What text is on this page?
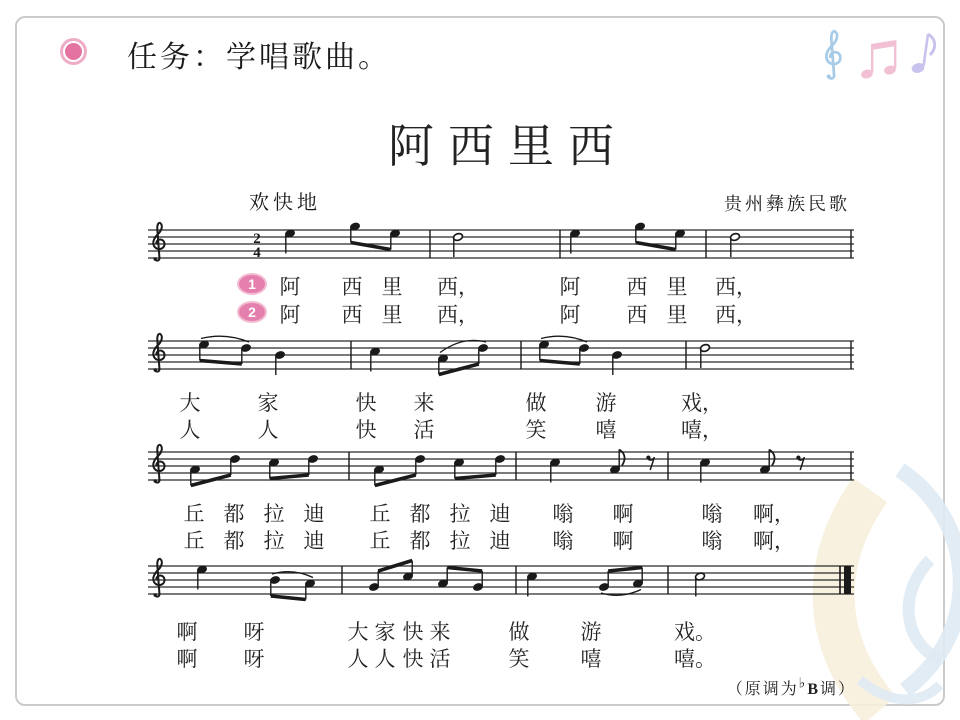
任务：学唱歌曲。
阿西里西
欢快地	贵州彝族民歌
2
4
阿 西 里 西，	阿 西 里 西，
阿 西 里 西，	阿 西 里 西，
大	家	快 来	做 游	戏，
人	人	快 活	笑 嘻	嘻，
丘 都 拉 迪 丘 都 拉 迪 嗡 啊	嗡 啊，
丘 都 拉 迪 丘 都 拉 迪 嗡 啊	嗡 啊，
啊 呀	大 家 快 来	做 游	戏。
啊 呀	人 人 快 活	笑 嘻	嘻。
1
2
（原调为♭B调）
